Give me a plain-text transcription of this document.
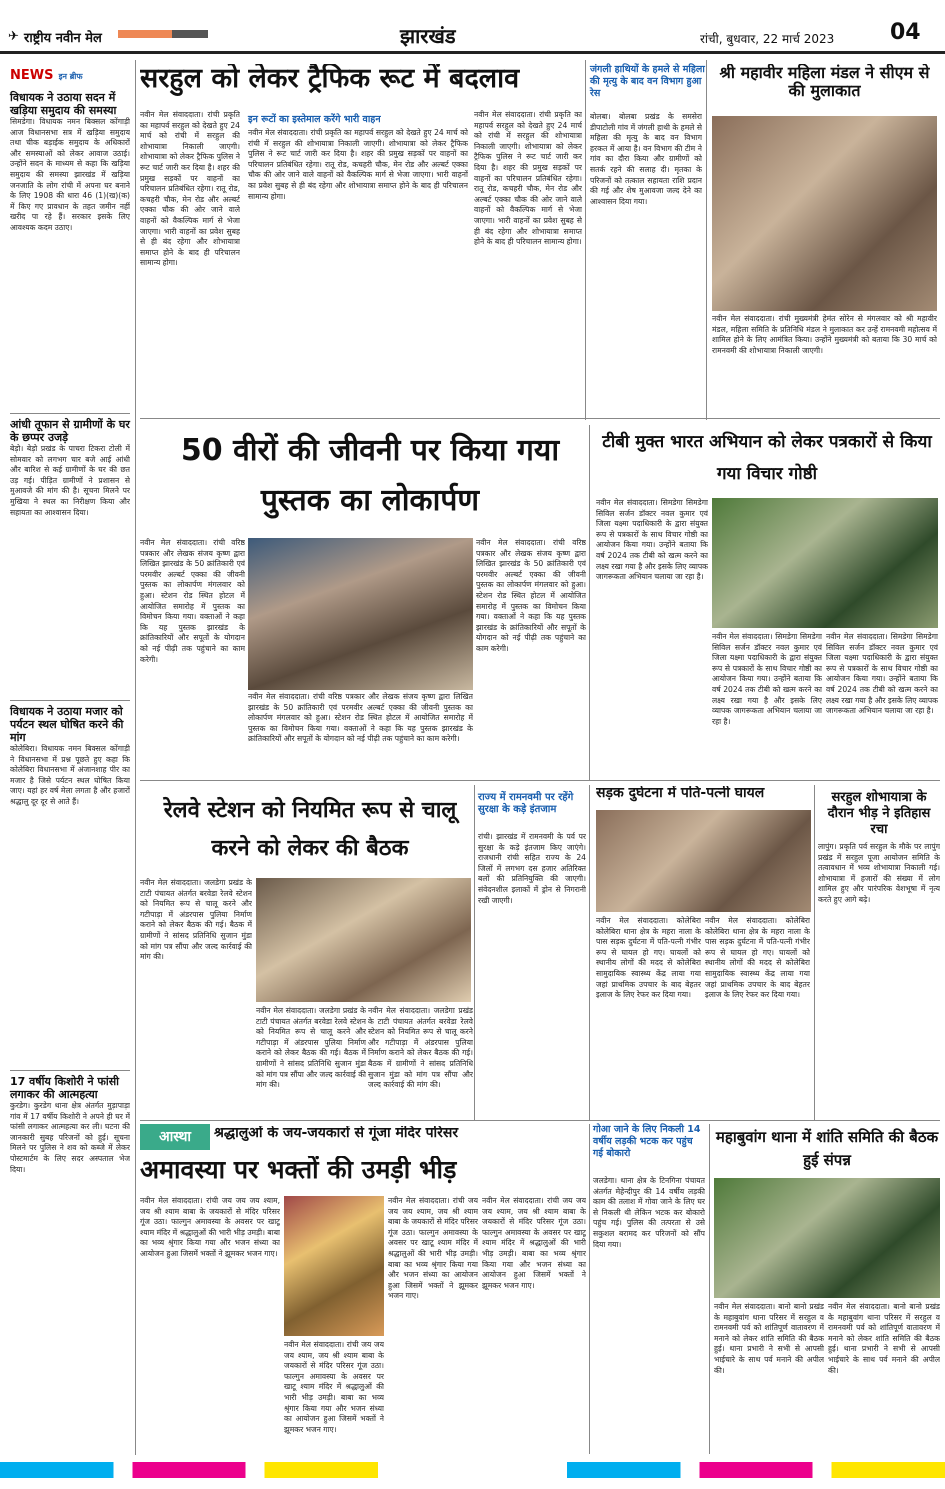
✈ राष्ट्रीय नवीन मेल	झारखंड	रांची, बुधवार, 22 मार्च 2023	04
NEWS इन ब्रीफ
विधायक ने उठाया सदन में खड़िया समुदाय की समस्या
सिमडेगा। विधायक नमन बिक्सल कोंगाड़ी आज विधानसभा सत्र में खड़िया समुदाय तथा चीक बड़ाईक समुदाय के अधिकारों और समस्याओं को लेकर आवाज उठाई। उन्होंने सदन के माध्यम से कहा कि खड़िया समुदाय की समस्या झारखंड में खड़िया जनजाति के लोग रांची में अपना घर बनाने के लिए 1908 की धारा 46 (1)(ख)(क) में किए गए प्रावधान के तहत जमीन नहीं खरीद पा रहे हैं। सरकार इसके लिए आवश्यक कदम उठाए।
आंधी तूफान से ग्रामीणों के घर के छप्पर उजड़े
बेड़ो। बेड़ो प्रखंड के पाचरा टिकरा टोली में सोमवार को लगभग चार बजे आई आंधी और बारिश से कई ग्रामीणों के घर की छत उड़ गई। पीड़ित ग्रामीणों ने प्रशासन से मुआवजे की मांग की है। सूचना मिलने पर मुखिया ने स्थल का निरीक्षण किया और सहायता का आश्वासन दिया।
विधायक ने उठाया मजार को पर्यटन स्थल घोषित करने की मांग
कोलेबिरा। विधायक नमन बिक्सल कोंगाड़ी ने विधानसभा में प्रश्न पूछते हुए कहा कि कोलेबिरा विधानसभा में अंजानशाह पीर का मजार है जिसे पर्यटन स्थल घोषित किया जाए। यहां हर वर्ष मेला लगता है और हजारों श्रद्धालु दूर दूर से आते हैं।
17 वर्षीय किशोरी ने फांसी लगाकर की आत्महत्या
कुरडेग। कुरडेग थाना क्षेत्र अंतर्गत मुड़ापाड़ा गांव में 17 वर्षीय किशोरी ने अपने ही घर में फांसी लगाकर आत्महत्या कर ली। घटना की जानकारी सुबह परिजनों को हुई। सूचना मिलने पर पुलिस ने शव को कब्जे में लेकर पोस्टमार्टम के लिए सदर अस्पताल भेज दिया।
सरहुल को लेकर ट्रैफिक रूट में बदलाव
नवीन मेल संवाददाता। रांची प्रकृति का महापर्व सरहुल को देखते हुए 24 मार्च को रांची में सरहुल की शोभायात्रा निकाली जाएगी। शोभायात्रा को लेकर ट्रैफिक पुलिस ने रूट चार्ट जारी कर दिया है। शहर की प्रमुख सड़कों पर वाहनों का परिचालन प्रतिबंधित रहेगा। रातू रोड, कचहरी चौक, मेन रोड और अल्बर्ट एक्का चौक की ओर जाने वाले वाहनों को वैकल्पिक मार्ग से भेजा जाएगा। भारी वाहनों का प्रवेश सुबह से ही बंद रहेगा और शोभायात्रा समाप्त होने के बाद ही परिचालन सामान्य होगा।
इन रूटों का इस्तेमाल करेंगे भारी वाहन
नवीन मेल संवाददाता। रांची प्रकृति का महापर्व सरहुल को देखते हुए 24 मार्च को रांची में सरहुल की शोभायात्रा निकाली जाएगी। शोभायात्रा को लेकर ट्रैफिक पुलिस ने रूट चार्ट जारी कर दिया है। शहर की प्रमुख सड़कों पर वाहनों का परिचालन प्रतिबंधित रहेगा। रातू रोड, कचहरी चौक, मेन रोड और अल्बर्ट एक्का चौक की ओर जाने वाले वाहनों को वैकल्पिक मार्ग से भेजा जाएगा। भारी वाहनों का प्रवेश सुबह से ही बंद रहेगा और शोभायात्रा समाप्त होने के बाद ही परिचालन सामान्य होगा।
नवीन मेल संवाददाता। रांची प्रकृति का महापर्व सरहुल को देखते हुए 24 मार्च को रांची में सरहुल की शोभायात्रा निकाली जाएगी। शोभायात्रा को लेकर ट्रैफिक पुलिस ने रूट चार्ट जारी कर दिया है। शहर की प्रमुख सड़कों पर वाहनों का परिचालन प्रतिबंधित रहेगा। रातू रोड, कचहरी चौक, मेन रोड और अल्बर्ट एक्का चौक की ओर जाने वाले वाहनों को वैकल्पिक मार्ग से भेजा जाएगा। भारी वाहनों का प्रवेश सुबह से ही बंद रहेगा और शोभायात्रा समाप्त होने के बाद ही परिचालन सामान्य होगा।
जंगली हाथियों के हमले से महिला की मृत्यु के बाद वन विभाग हुआ रेस
बोलबा। बोलबा प्रखंड के समसेरा डीपाटोली गांव में जंगली हाथी के हमले से महिला की मृत्यु के बाद वन विभाग हरकत में आया है। वन विभाग की टीम ने गांव का दौरा किया और ग्रामीणों को सतर्क रहने की सलाह दी। मृतका के परिजनों को तत्काल सहायता राशि प्रदान की गई और शेष मुआवजा जल्द देने का आश्वासन दिया गया।
श्री महावीर महिला मंडल ने सीएम से की मुलाकात
नवीन मेल संवाददाता। रांची मुख्यमंत्री हेमंत सोरेन से मंगलवार को श्री महावीर मंडल, महिला समिति के प्रतिनिधि मंडल ने मुलाकात कर उन्हें रामनवमी महोत्सव में शामिल होने के लिए आमंत्रित किया। उन्होंने मुख्यमंत्री को बताया कि 30 मार्च को रामनवमी की शोभायात्रा निकाली जाएगी।
50 वीरों की जीवनी पर किया गया पुस्तक का लोकार्पण
नवीन मेल संवाददाता। रांची वरिष्ठ पत्रकार और लेखक संजय कृष्ण द्वारा लिखित झारखंड के 50 क्रांतिकारी एवं परमवीर अल्बर्ट एक्का की जीवनी पुस्तक का लोकार्पण मंगलवार को हुआ। स्टेशन रोड स्थित होटल में आयोजित समारोह में पुस्तक का विमोचन किया गया। वक्ताओं ने कहा कि यह पुस्तक झारखंड के क्रांतिकारियों और सपूतों के योगदान को नई पीढ़ी तक पहुंचाने का काम करेगी।
नवीन मेल संवाददाता। रांची वरिष्ठ पत्रकार और लेखक संजय कृष्ण द्वारा लिखित झारखंड के 50 क्रांतिकारी एवं परमवीर अल्बर्ट एक्का की जीवनी पुस्तक का लोकार्पण मंगलवार को हुआ। स्टेशन रोड स्थित होटल में आयोजित समारोह में पुस्तक का विमोचन किया गया। वक्ताओं ने कहा कि यह पुस्तक झारखंड के क्रांतिकारियों और सपूतों के योगदान को नई पीढ़ी तक पहुंचाने का काम करेगी।
नवीन मेल संवाददाता। रांची वरिष्ठ पत्रकार और लेखक संजय कृष्ण द्वारा लिखित झारखंड के 50 क्रांतिकारी एवं परमवीर अल्बर्ट एक्का की जीवनी पुस्तक का लोकार्पण मंगलवार को हुआ। स्टेशन रोड स्थित होटल में आयोजित समारोह में पुस्तक का विमोचन किया गया। वक्ताओं ने कहा कि यह पुस्तक झारखंड के क्रांतिकारियों और सपूतों के योगदान को नई पीढ़ी तक पहुंचाने का काम करेगी।
टीबी मुक्त भारत अभियान को लेकर पत्रकारों से किया गया विचार गोष्ठी
नवीन मेल संवाददाता। सिमडेगा सिमडेगा सिविल सर्जन डॉक्टर नवल कुमार एवं जिला यक्ष्मा पदाधिकारी के द्वारा संयुक्त रूप से पत्रकारों के साथ विचार गोष्ठी का आयोजन किया गया। उन्होंने बताया कि वर्ष 2024 तक टीबी को खत्म करने का लक्ष्य रखा गया है और इसके लिए व्यापक जागरूकता अभियान चलाया जा रहा है।
नवीन मेल संवाददाता। सिमडेगा सिमडेगा सिविल सर्जन डॉक्टर नवल कुमार एवं जिला यक्ष्मा पदाधिकारी के द्वारा संयुक्त रूप से पत्रकारों के साथ विचार गोष्ठी का आयोजन किया गया। उन्होंने बताया कि वर्ष 2024 तक टीबी को खत्म करने का लक्ष्य रखा गया है और इसके लिए व्यापक जागरूकता अभियान चलाया जा रहा है।
नवीन मेल संवाददाता। सिमडेगा सिमडेगा सिविल सर्जन डॉक्टर नवल कुमार एवं जिला यक्ष्मा पदाधिकारी के द्वारा संयुक्त रूप से पत्रकारों के साथ विचार गोष्ठी का आयोजन किया गया। उन्होंने बताया कि वर्ष 2024 तक टीबी को खत्म करने का लक्ष्य रखा गया है और इसके लिए व्यापक जागरूकता अभियान चलाया जा रहा है।
रेलवे स्टेशन को नियमित रूप से चालू करने को लेकर की बैठक
नवीन मेल संवाददाता। जलडेगा प्रखंड के टाटी पंचायत अंतर्गत बरवेडा रेलवे स्टेशन को नियमित रूप से चालू करने और गटीपाड़ा में अंडरपास पुलिया निर्माण कराने को लेकर बैठक की गई। बैठक में ग्रामीणों ने सांसद प्रतिनिधि सुजान मुंडा को मांग पत्र सौंपा और जल्द कार्रवाई की मांग की।
नवीन मेल संवाददाता। जलडेगा प्रखंड के टाटी पंचायत अंतर्गत बरवेडा रेलवे स्टेशन को नियमित रूप से चालू करने और गटीपाड़ा में अंडरपास पुलिया निर्माण कराने को लेकर बैठक की गई। बैठक में ग्रामीणों ने सांसद प्रतिनिधि सुजान मुंडा को मांग पत्र सौंपा और जल्द कार्रवाई की मांग की।
नवीन मेल संवाददाता। जलडेगा प्रखंड के टाटी पंचायत अंतर्गत बरवेडा रेलवे स्टेशन को नियमित रूप से चालू करने और गटीपाड़ा में अंडरपास पुलिया निर्माण कराने को लेकर बैठक की गई। बैठक में ग्रामीणों ने सांसद प्रतिनिधि सुजान मुंडा को मांग पत्र सौंपा और जल्द कार्रवाई की मांग की।
राज्य में रामनवमी पर रहेंगे सुरक्षा के कड़े इंतजाम
रांची। झारखंड में रामनवमी के पर्व पर सुरक्षा के कड़े इंतजाम किए जाएंगे। राजधानी रांची सहित राज्य के 24 जिलों में लगभग दस हजार अतिरिक्त बलों की प्रतिनियुक्ति की जाएगी। संवेदनशील इलाकों में ड्रोन से निगरानी रखी जाएगी।
सड़क दुर्घटना में पति-पत्नी घायल
नवीन मेल संवाददाता। कोलेबिरा कोलेबिरा थाना क्षेत्र के महरा नाला के पास सड़क दुर्घटना में पति-पत्नी गंभीर रूप से घायल हो गए। घायलों को स्थानीय लोगों की मदद से कोलेबिरा सामुदायिक स्वास्थ्य केंद्र लाया गया जहां प्राथमिक उपचार के बाद बेहतर इलाज के लिए रेफर कर दिया गया।
नवीन मेल संवाददाता। कोलेबिरा कोलेबिरा थाना क्षेत्र के महरा नाला के पास सड़क दुर्घटना में पति-पत्नी गंभीर रूप से घायल हो गए। घायलों को स्थानीय लोगों की मदद से कोलेबिरा सामुदायिक स्वास्थ्य केंद्र लाया गया जहां प्राथमिक उपचार के बाद बेहतर इलाज के लिए रेफर कर दिया गया।
सरहुल शोभायात्रा के दौरान भीड़ ने इतिहास रचा
लापुंग। प्रकृति पर्व सरहुल के मौके पर लापुंग प्रखंड में सरहुल पूजा आयोजन समिति के तत्वावधान में भव्य शोभायात्रा निकाली गई। शोभायात्रा में हजारों की संख्या में लोग शामिल हुए और पारंपरिक वेशभूषा में नृत्य करते हुए आगे बढ़े।
आस्था	श्रद्धालुओं के जय-जयकारों से गूंजा मंदिर परिसर
अमावस्या पर भक्तों की उमड़ी भीड़
नवीन मेल संवाददाता। रांची जय जय जय श्याम, जय श्री श्याम बाबा के जयकारों से मंदिर परिसर गूंज उठा। फाल्गुन अमावस्या के अवसर पर खाटू श्याम मंदिर में श्रद्धालुओं की भारी भीड़ उमड़ी। बाबा का भव्य श्रृंगार किया गया और भजन संध्या का आयोजन हुआ जिसमें भक्तों ने झूमकर भजन गाए।
नवीन मेल संवाददाता। रांची जय जय जय श्याम, जय श्री श्याम बाबा के जयकारों से मंदिर परिसर गूंज उठा। फाल्गुन अमावस्या के अवसर पर खाटू श्याम मंदिर में श्रद्धालुओं की भारी भीड़ उमड़ी। बाबा का भव्य श्रृंगार किया गया और भजन संध्या का आयोजन हुआ जिसमें भक्तों ने झूमकर भजन गाए।
नवीन मेल संवाददाता। रांची जय जय जय श्याम, जय श्री श्याम बाबा के जयकारों से मंदिर परिसर गूंज उठा। फाल्गुन अमावस्या के अवसर पर खाटू श्याम मंदिर में श्रद्धालुओं की भारी भीड़ उमड़ी। बाबा का भव्य श्रृंगार किया गया और भजन संध्या का आयोजन हुआ जिसमें भक्तों ने झूमकर भजन गाए।
नवीन मेल संवाददाता। रांची जय जय जय श्याम, जय श्री श्याम बाबा के जयकारों से मंदिर परिसर गूंज उठा। फाल्गुन अमावस्या के अवसर पर खाटू श्याम मंदिर में श्रद्धालुओं की भारी भीड़ उमड़ी। बाबा का भव्य श्रृंगार किया गया और भजन संध्या का आयोजन हुआ जिसमें भक्तों ने झूमकर भजन गाए।
गोआ जाने के लिए निकली 14 वर्षीय लड़की भटक कर पहुंच गई बोकारो
जलडेगा। थाना क्षेत्र के टिनगिना पंचायत अंतर्गत मेहेन्दीपुर की 14 वर्षीय लड़की काम की तलाश में गोवा जाने के लिए घर से निकली थी लेकिन भटक कर बोकारो पहुंच गई। पुलिस की तत्परता से उसे सकुशल बरामद कर परिजनों को सौंप दिया गया।
महाबुवांग थाना में शांति समिति की बैठक हुई संपन्न
नवीन मेल संवाददाता। बानो बानो प्रखंड के महाबुवांग थाना परिसर में सरहुल व रामनवमी पर्व को शांतिपूर्ण वातावरण में मनाने को लेकर शांति समिति की बैठक हुई। थाना प्रभारी ने सभी से आपसी भाईचारे के साथ पर्व मनाने की अपील की।
नवीन मेल संवाददाता। बानो बानो प्रखंड के महाबुवांग थाना परिसर में सरहुल व रामनवमी पर्व को शांतिपूर्ण वातावरण में मनाने को लेकर शांति समिति की बैठक हुई। थाना प्रभारी ने सभी से आपसी भाईचारे के साथ पर्व मनाने की अपील की।
